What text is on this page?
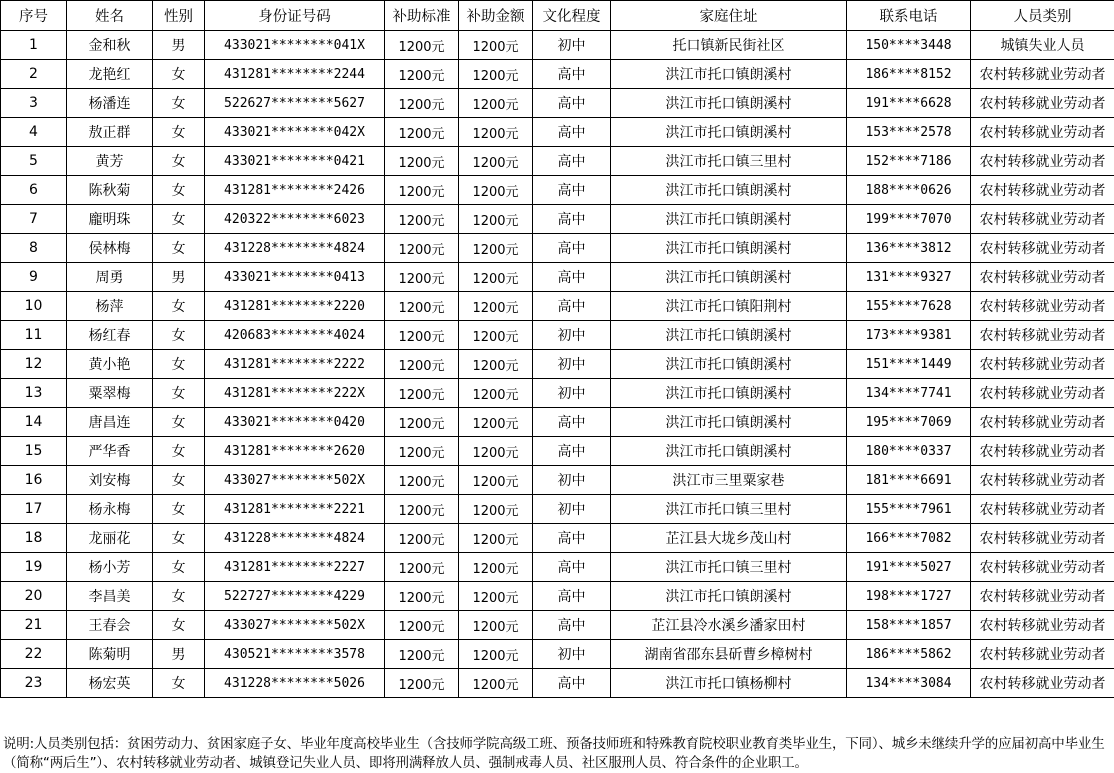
序号	姓名	性别	身份证号码	补助标准	补助金额	文化程度	家庭住址	联系电话	人员类别
1	金和秋	男	433021********041X	1200元	1200元	初中	托口镇新民街社区	150****3448	城镇失业人员
2	龙艳红	女	431281********2244	1200元	1200元	高中	洪江市托口镇朗溪村	186****8152	农村转移就业劳动者
3	杨潘连	女	522627********5627	1200元	1200元	高中	洪江市托口镇朗溪村	191****6628	农村转移就业劳动者
4	敖正群	女	433021********042X	1200元	1200元	高中	洪江市托口镇朗溪村	153****2578	农村转移就业劳动者
5	黄芳	女	433021********0421	1200元	1200元	高中	洪江市托口镇三里村	152****7186	农村转移就业劳动者
6	陈秋菊	女	431281********2426	1200元	1200元	高中	洪江市托口镇朗溪村	188****0626	农村转移就业劳动者
7	龐明珠	女	420322********6023	1200元	1200元	高中	洪江市托口镇朗溪村	199****7070	农村转移就业劳动者
8	侯林梅	女	431228********4824	1200元	1200元	高中	洪江市托口镇朗溪村	136****3812	农村转移就业劳动者
9	周勇	男	433021********0413	1200元	1200元	高中	洪江市托口镇朗溪村	131****9327	农村转移就业劳动者
10	杨萍	女	431281********2220	1200元	1200元	高中	洪江市托口镇阳荆村	155****7628	农村转移就业劳动者
11	杨红春	女	420683********4024	1200元	1200元	初中	洪江市托口镇朗溪村	173****9381	农村转移就业劳动者
12	黄小艳	女	431281********2222	1200元	1200元	初中	洪江市托口镇朗溪村	151****1449	农村转移就业劳动者
13	粟翠梅	女	431281********222X	1200元	1200元	初中	洪江市托口镇朗溪村	134****7741	农村转移就业劳动者
14	唐昌连	女	433021********0420	1200元	1200元	高中	洪江市托口镇朗溪村	195****7069	农村转移就业劳动者
15	严华香	女	431281********2620	1200元	1200元	高中	洪江市托口镇朗溪村	180****0337	农村转移就业劳动者
16	刘安梅	女	433027********502X	1200元	1200元	初中	洪江市三里粟家巷	181****6691	农村转移就业劳动者
17	杨永梅	女	431281********2221	1200元	1200元	初中	洪江市托口镇三里村	155****7961	农村转移就业劳动者
18	龙丽花	女	431228********4824	1200元	1200元	高中	芷江县大垅乡茂山村	166****7082	农村转移就业劳动者
19	杨小芳	女	431281********2227	1200元	1200元	高中	洪江市托口镇三里村	191****5027	农村转移就业劳动者
20	李昌美	女	522727********4229	1200元	1200元	高中	洪江市托口镇朗溪村	198****1727	农村转移就业劳动者
21	王春会	女	433027********502X	1200元	1200元	高中	芷江县冷水溪乡潘家田村	158****1857	农村转移就业劳动者
22	陈菊明	男	430521********3578	1200元	1200元	初中	湖南省邵东县斫曹乡樟树村	186****5862	农村转移就业劳动者
23	杨宏英	女	431228********5026	1200元	1200元	高中	洪江市托口镇杨柳村	134****3084	农村转移就业劳动者
说明:人员类别包括：贫困劳动力、贫困家庭子女、毕业年度高校毕业生（含技师学院高级工班、预备技师班和特殊教育院校职业教育类毕业生，下同）、城乡未继续升学的应届初高中毕业生（简称“两后生”）、农村转移就业劳动者、城镇登记失业人员、即将刑满释放人员、强制戒毒人员、社区服刑人员、符合条件的企业职工。
